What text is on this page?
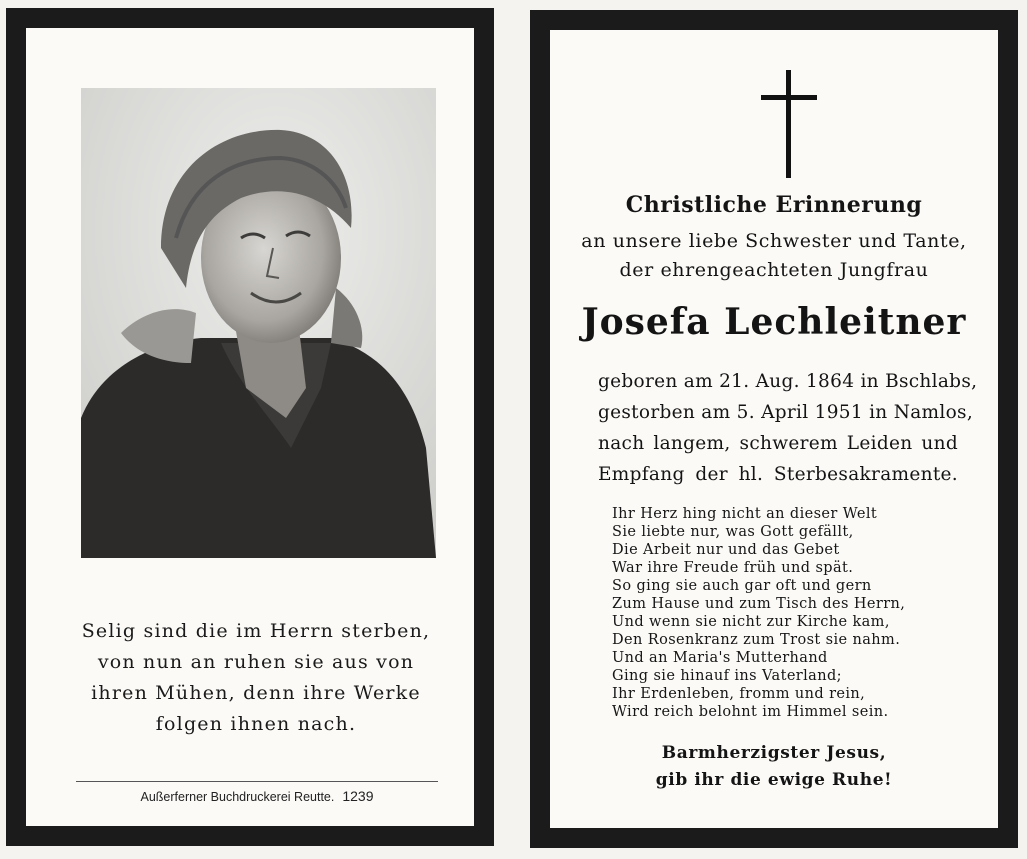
Selig sind die im Herrn sterben,
von nun an ruhen sie aus von
ihren Mühen, denn ihre Werke
folgen ihnen nach.
Außerferner Buchdruckerei Reutte. 1239
Christliche Erinnerung
an unsere liebe Schwester und Tante,
der ehrengeachteten Jungfrau
Josefa Lechleitner
geboren am 21. Aug. 1864 in Bschlabs,
gestorben am 5. April 1951 in Namlos,
nach langem, schwerem Leiden und
Empfang der hl. Sterbesakramente.
Ihr Herz hing nicht an dieser Welt
Sie liebte nur, was Gott gefällt,
Die Arbeit nur und das Gebet
War ihre Freude früh und spät.
So ging sie auch gar oft und gern
Zum Hause und zum Tisch des Herrn,
Und wenn sie nicht zur Kirche kam,
Den Rosenkranz zum Trost sie nahm.
Und an Maria's Mutterhand
Ging sie hinauf ins Vaterland;
Ihr Erdenleben, fromm und rein,
Wird reich belohnt im Himmel sein.
Barmherzigster Jesus,
gib ihr die ewige Ruhe!
